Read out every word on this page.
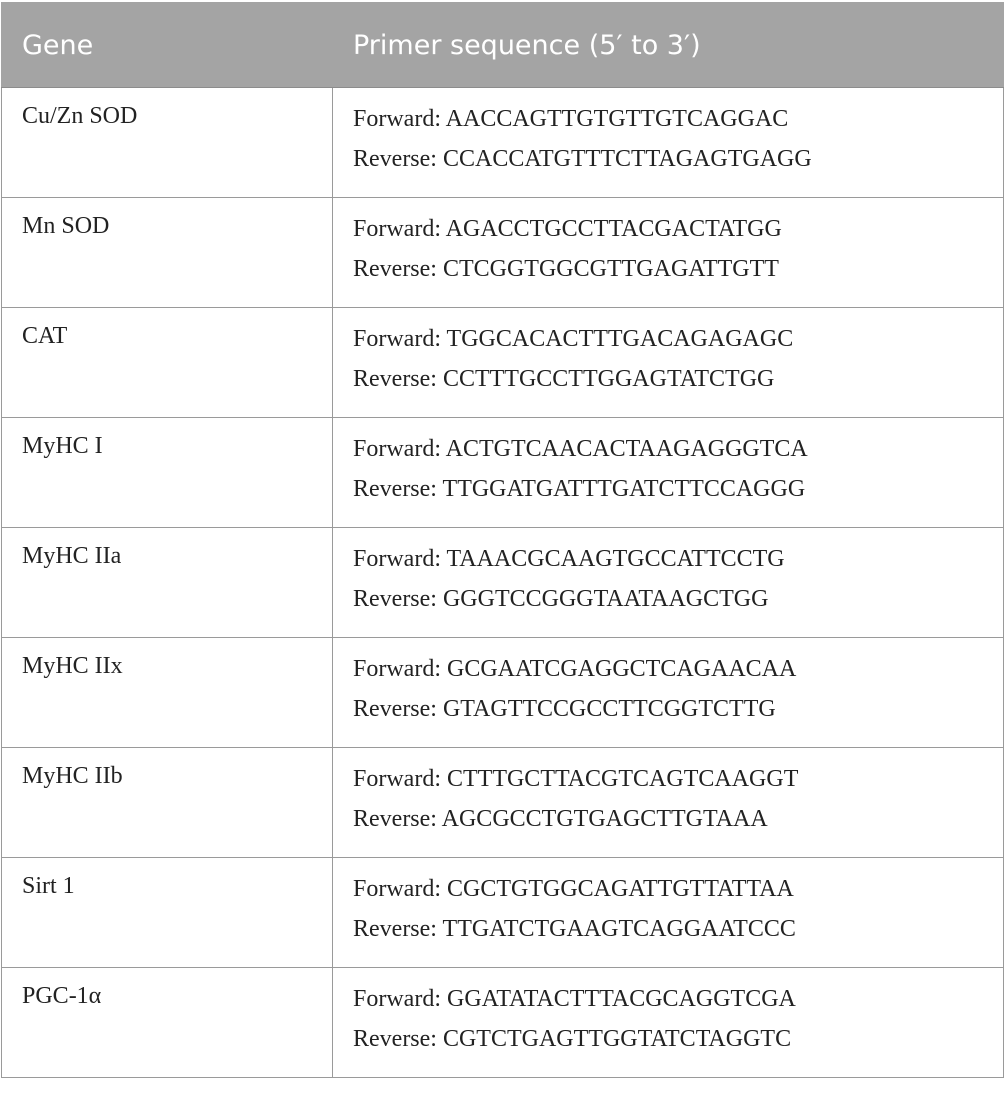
Gene	Primer sequence (5′ to 3′)
Cu/Zn SOD	Forward: AACCAGTTGTGTTGTCAGGAC
Reverse: CCACCATGTTTCTTAGAGTGAGG

Mn SOD	Forward: AGACCTGCCTTACGACTATGG
Reverse: CTCGGTGGCGTTGAGATTGTT

CAT	Forward: TGGCACACTTTGACAGAGAGC
Reverse: CCTTTGCCTTGGAGTATCTGG

MyHC I	Forward: ACTGTCAACACTAAGAGGGTCA
Reverse: TTGGATGATTTGATCTTCCAGGG

MyHC IIa	Forward: TAAACGCAAGTGCCATTCCTG
Reverse: GGGTCCGGGTAATAAGCTGG

MyHC IIx	Forward: GCGAATCGAGGCTCAGAACAA
Reverse: GTAGTTCCGCCTTCGGTCTTG

MyHC IIb	Forward: CTTTGCTTACGTCAGTCAAGGT
Reverse: AGCGCCTGTGAGCTTGTAAA

Sirt 1	Forward: CGCTGTGGCAGATTGTTATTAA
Reverse: TTGATCTGAAGTCAGGAATCCC

PGC-1α	Forward: GGATATACTTTACGCAGGTCGA
Reverse: CGTCTGAGTTGGTATCTAGGTC
